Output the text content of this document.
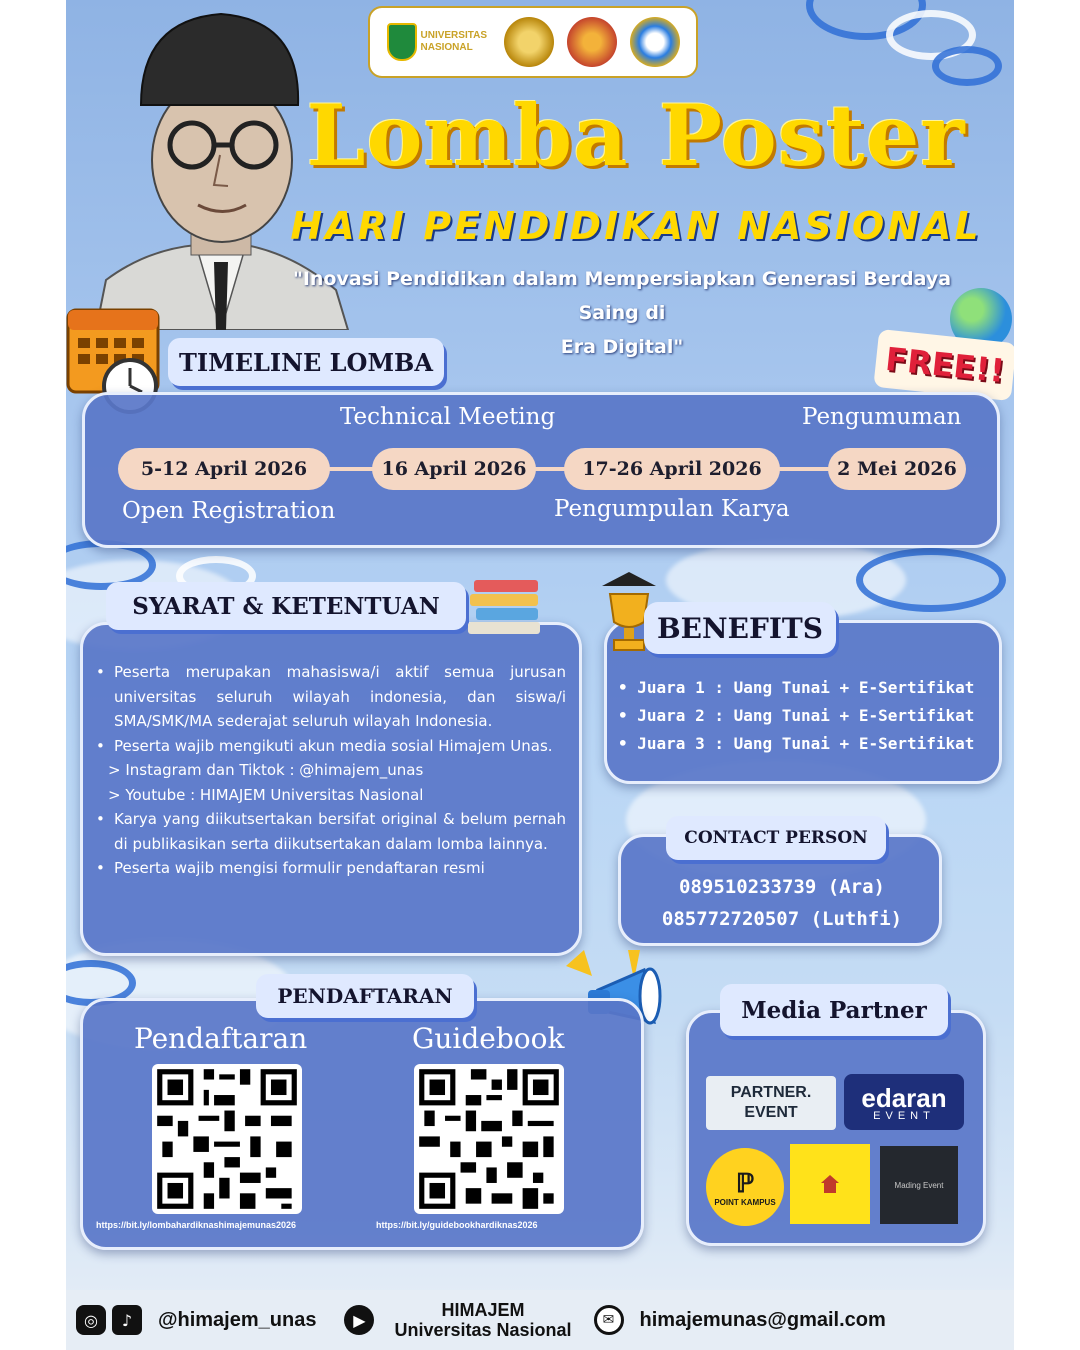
UNIVERSITAS NASIONAL
Lomba Poster
HARI PENDIDIKAN NASIONAL
"Inovasi Pendidikan dalam Mempersiapkan Generasi Berdaya Saing di
Era Digital"	FREE!!
TIMELINE LOMBA
Technical Meeting	Pengumuman
5-12 April 2026	16 April 2026	17-26 April 2026	2 Mei 2026
Open Registration	Pengumpulan Karya
SYARAT & KETENTUAN
• Peserta merupakan mahasiswa/i aktif semua jurusan universitas seluruh wilayah indonesia, dan siswa/i SMA/SMK/MA sederajat seluruh wilayah Indonesia.
• Peserta wajib mengikuti akun media sosial Himajem Unas.
> Instagram dan Tiktok : @himajem_unas
> Youtube : HIMAJEM Universitas Nasional
• Karya yang diikutsertakan bersifat original & belum pernah di publikasikan serta diikutsertakan dalam lomba lainnya.
• Peserta wajib mengisi formulir pendaftaran resmi
BENEFITS
• Juara 1 : Uang Tunai + E-Sertifikat
• Juara 2 : Uang Tunai + E-Sertifikat
• Juara 3 : Uang Tunai + E-Sertifikat
CONTACT PERSON
089510233739 (Ara)
085772720507 (Luthfi)
PENDAFTARAN
Pendaftaran	Guidebook
https://bit.ly/lombahardiknashimajemunas2026	https://bit.ly/guidebookhardiknas2026
Media Partner
PARTNER. EVENT	edaran
EVENT
ℙ
POINT KAMPUS
Mading Event
◎	♪	@himajem_unas	▶	HIMAJEM
Universitas Nasional	✉	himajemunas@gmail.com
